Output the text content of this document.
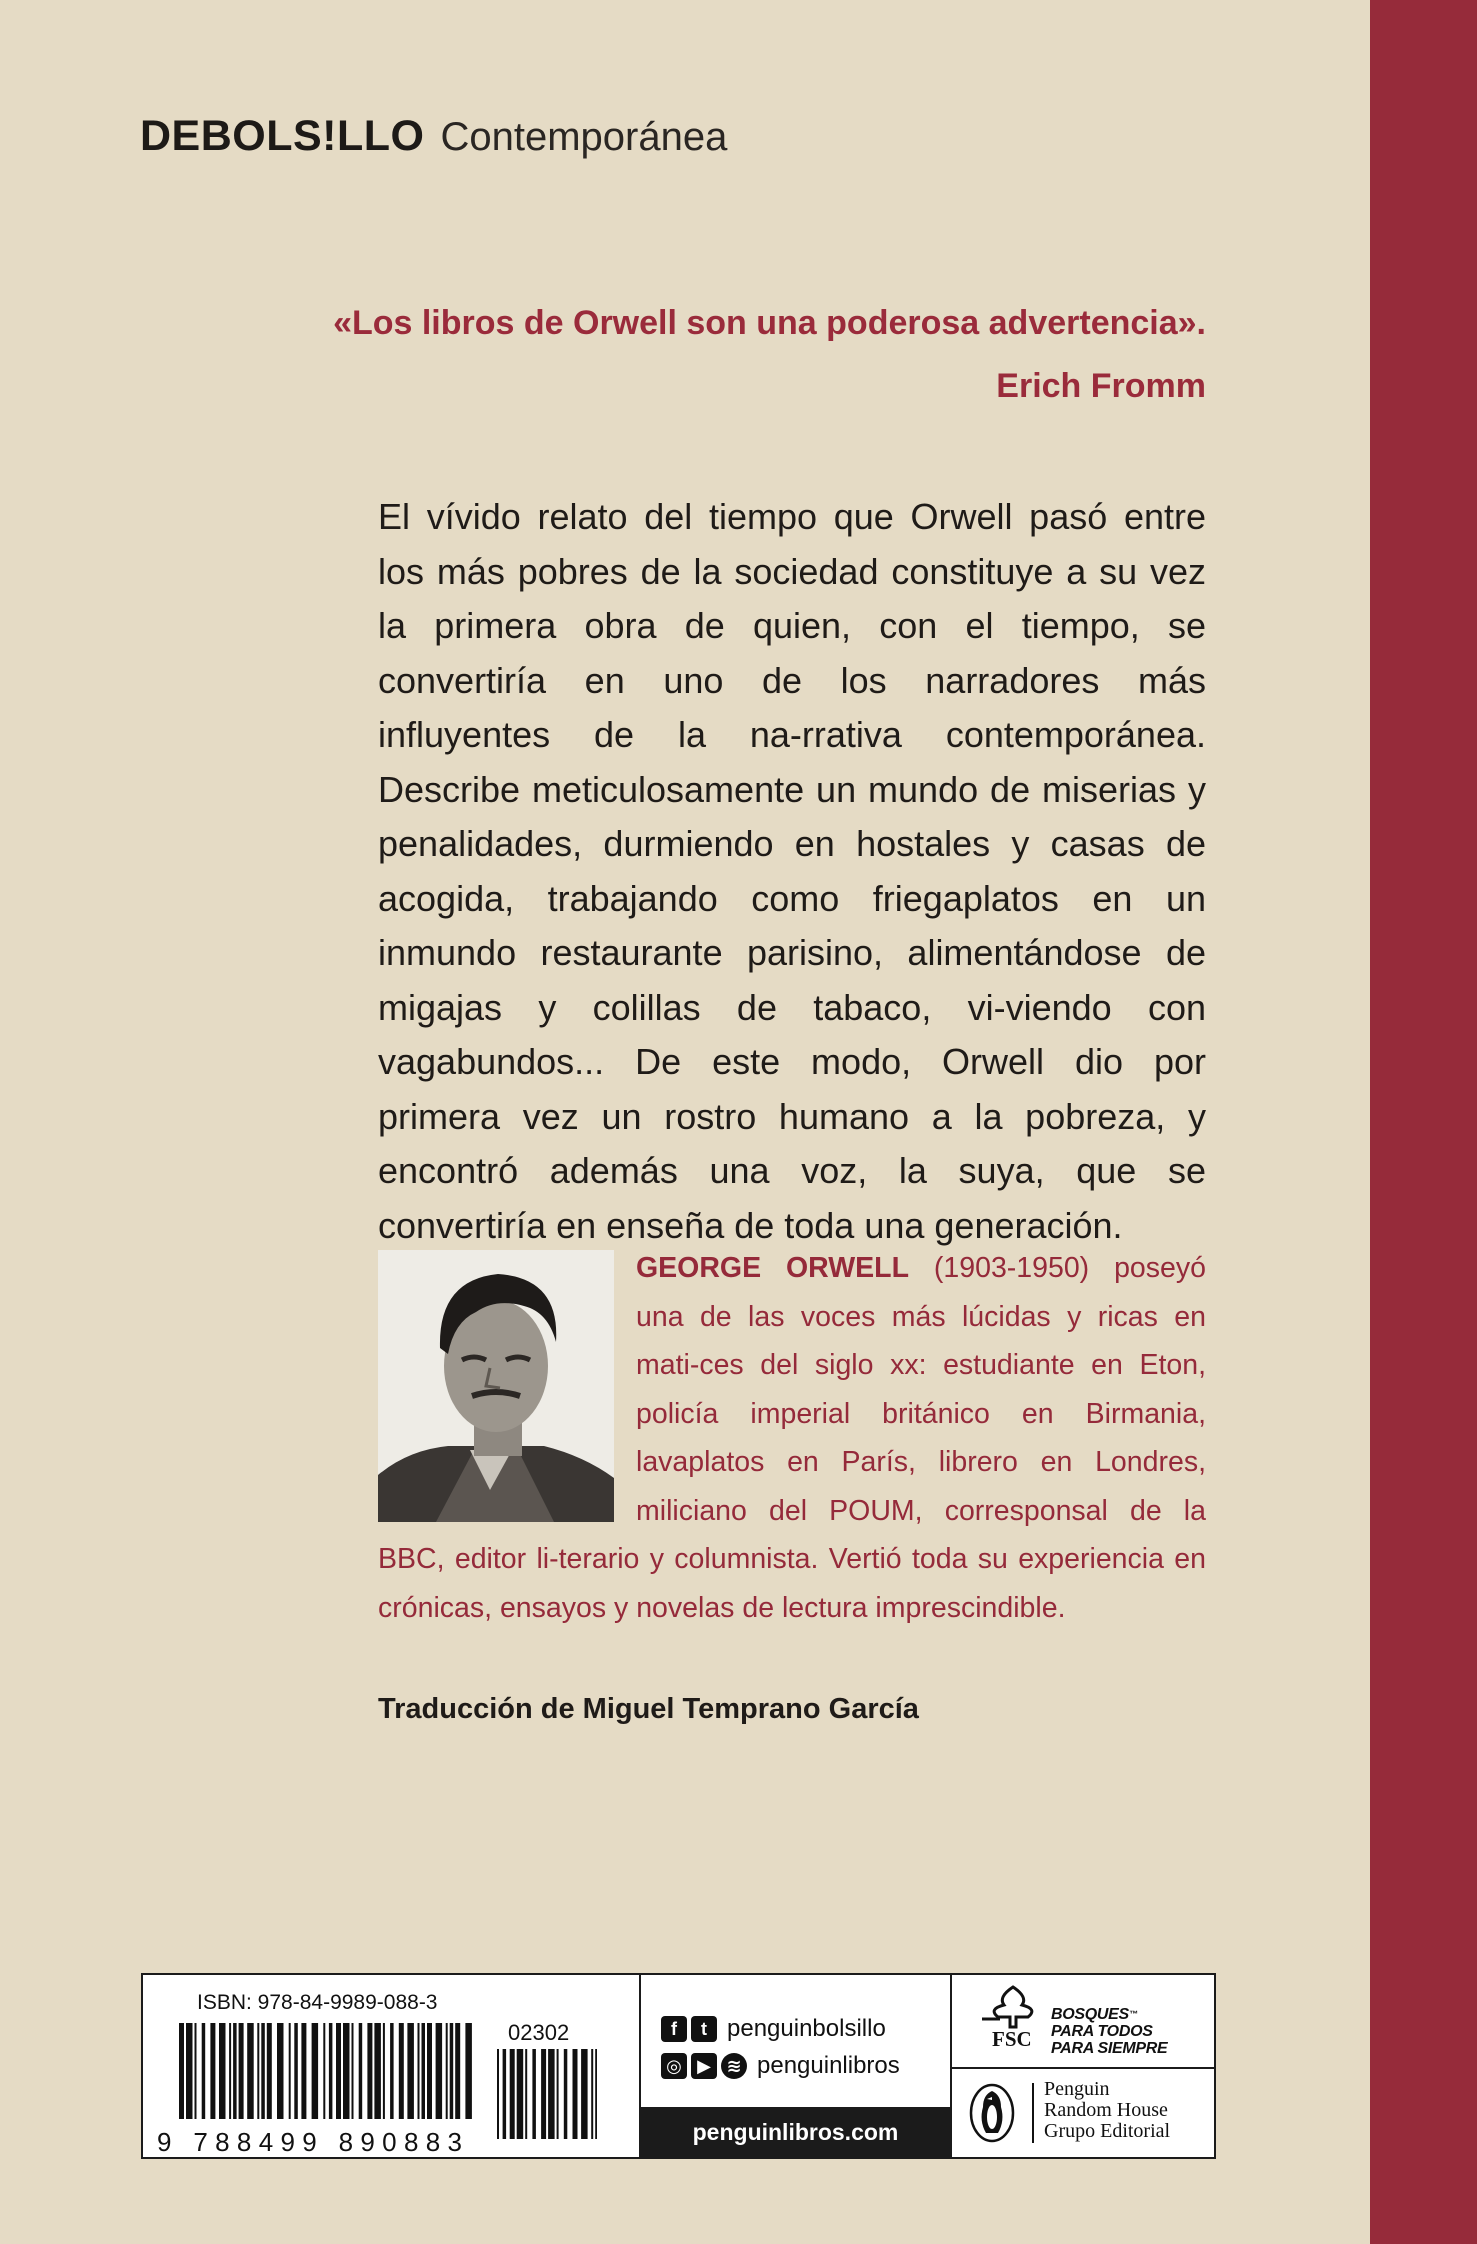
DEBOLS!LLO Contemporánea
«Los libros de Orwell son una poderosa advertencia».
Erich Fromm

El vívido relato del tiempo que Orwell pasó entre los más pobres de la sociedad constituye a su vez la primera obra de quien, con el tiempo, se convertiría en uno de los narradores más influyentes de la na-rrativa contemporánea. Describe meticulosamente un mundo de miserias y penalidades, durmiendo en hostales y casas de acogida, trabajando como friegaplatos en un inmundo restaurante parisino, alimentándose de migajas y colillas de tabaco, vi-viendo con vagabundos... De este modo, Orwell dio por primera vez un rostro humano a la pobreza, y encontró además una voz, la suya, que se convertiría en enseña de toda una generación.

GEORGE ORWELL (1903-1950) poseyó una de las voces más lúcidas y ricas en mati-ces del siglo xx: estudiante en Eton, policía imperial británico en Birmania, lavaplatos en París, librero en Londres, miliciano del POUM, corresponsal de la BBC, editor li-terario y columnista. Vertió toda su experiencia en crónicas, ensayos y novelas de lectura imprescindible.

Traducción de Miguel Temprano García
ISBN: 978-84-9989-088-3
02302
9 788499 890883
f	t penguinbolsillo
◎ ▶ ≋ penguinlibros
penguinlibros.com
FSC
BOSQUES™
PARA TODOS
PARA SIEMPRE
Penguin
Random House
Grupo Editorial
